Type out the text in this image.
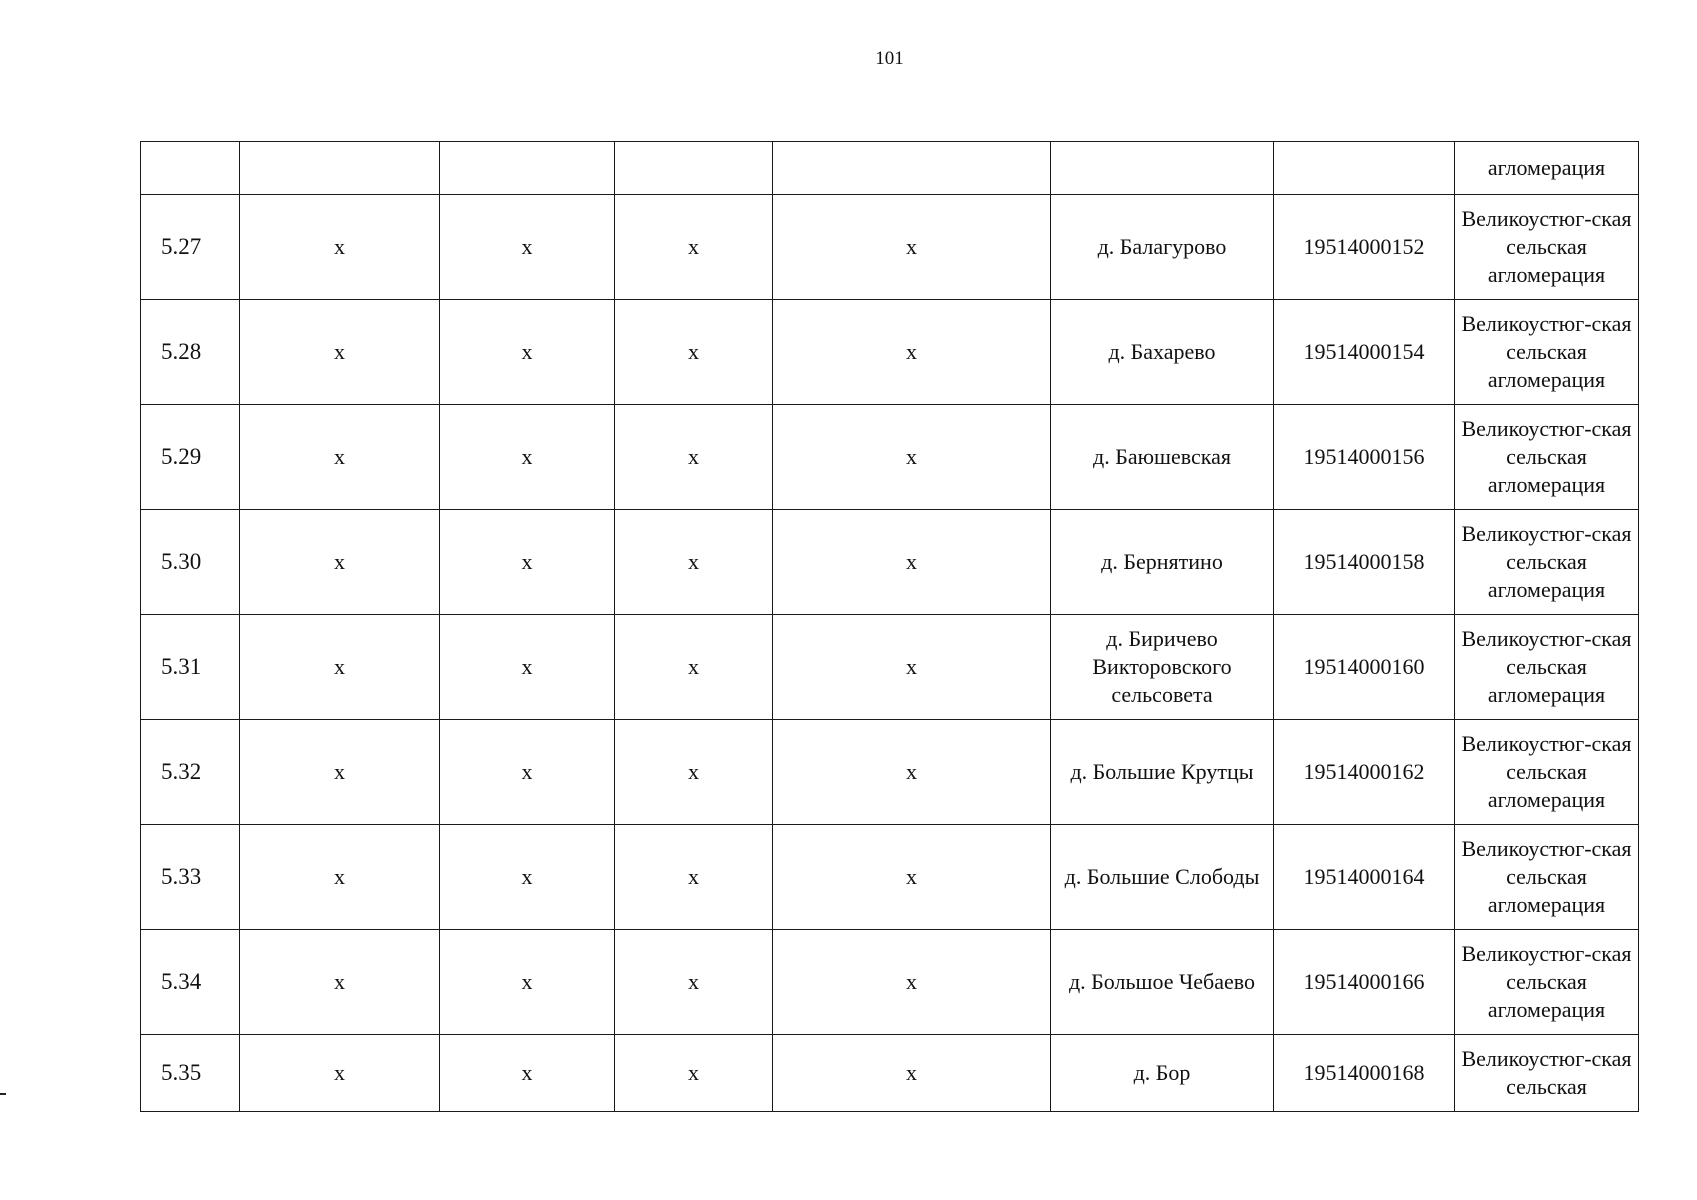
101
							агломерация
5.27	х	х	х	х	д. Балагурово	19514000152	Великоустюг-ская сельская агломерация
5.28	х	х	х	х	д. Бахарево	19514000154	Великоустюг-ская сельская агломерация
5.29	х	х	х	х	д. Баюшевская	19514000156	Великоустюг-ская сельская агломерация
5.30	х	х	х	х	д. Бернятино	19514000158	Великоустюг-ская сельская агломерация
5.31	х	х	х	х	д. Биричево Викторовского сельсовета	19514000160	Великоустюг-ская сельская агломерация
5.32	х	х	х	х	д. Большие Крутцы	19514000162	Великоустюг-ская сельская агломерация
5.33	х	х	х	х	д. Большие Слободы	19514000164	Великоустюг-ская сельская агломерация
5.34	х	х	х	х	д. Большое Чебаево	19514000166	Великоустюг-ская сельская агломерация
5.35	х	х	х	х	д. Бор	19514000168	Великоустюг-ская сельская
